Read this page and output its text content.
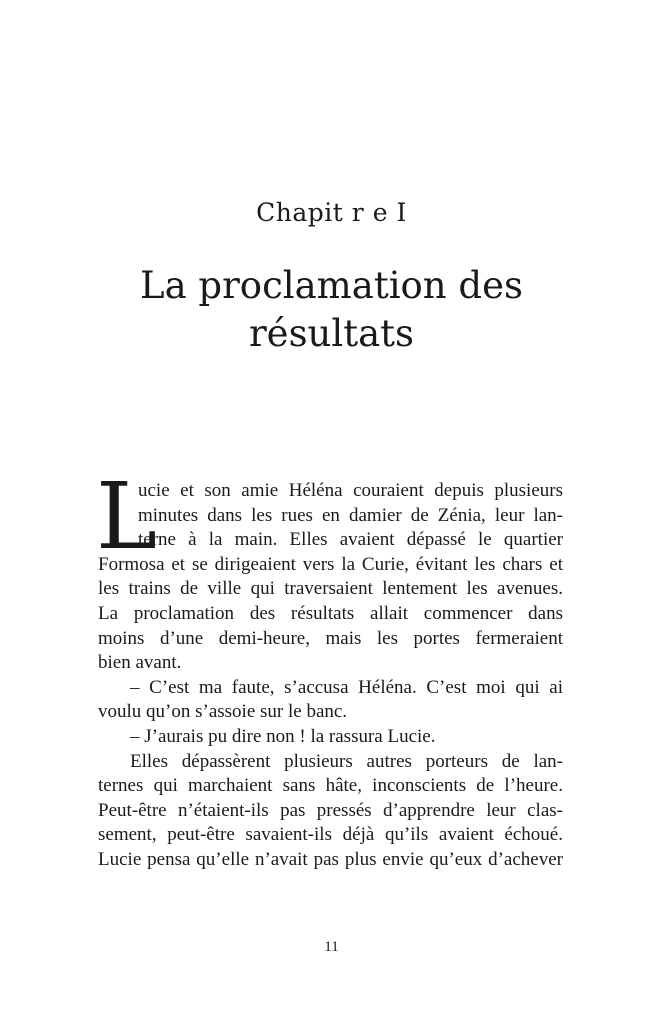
Chapit r e I
La proclamation des
résultats
L
ucie et son amie Héléna couraient depuis plusieurs
minutes dans les rues en damier de Zénia, leur lan-
terne à la main. Elles avaient dépassé le quartier
Formosa et se dirigeaient vers la Curie, évitant les chars et
les trains de ville qui traversaient lentement les avenues.
La proclamation des résultats allait commencer dans
moins d’une demi-heure, mais les portes fermeraient
bien avant.
– C’est ma faute, s’accusa Héléna. C’est moi qui ai
voulu qu’on s’assoie sur le banc.
– J’aurais pu dire non ! la rassura Lucie.
Elles dépassèrent plusieurs autres porteurs de lan-
ternes qui marchaient sans hâte, inconscients de l’heure.
Peut-être n’étaient-ils pas pressés d’apprendre leur clas-
sement, peut-être savaient-ils déjà qu’ils avaient échoué.
Lucie pensa qu’elle n’avait pas plus envie qu’eux d’achever
11
